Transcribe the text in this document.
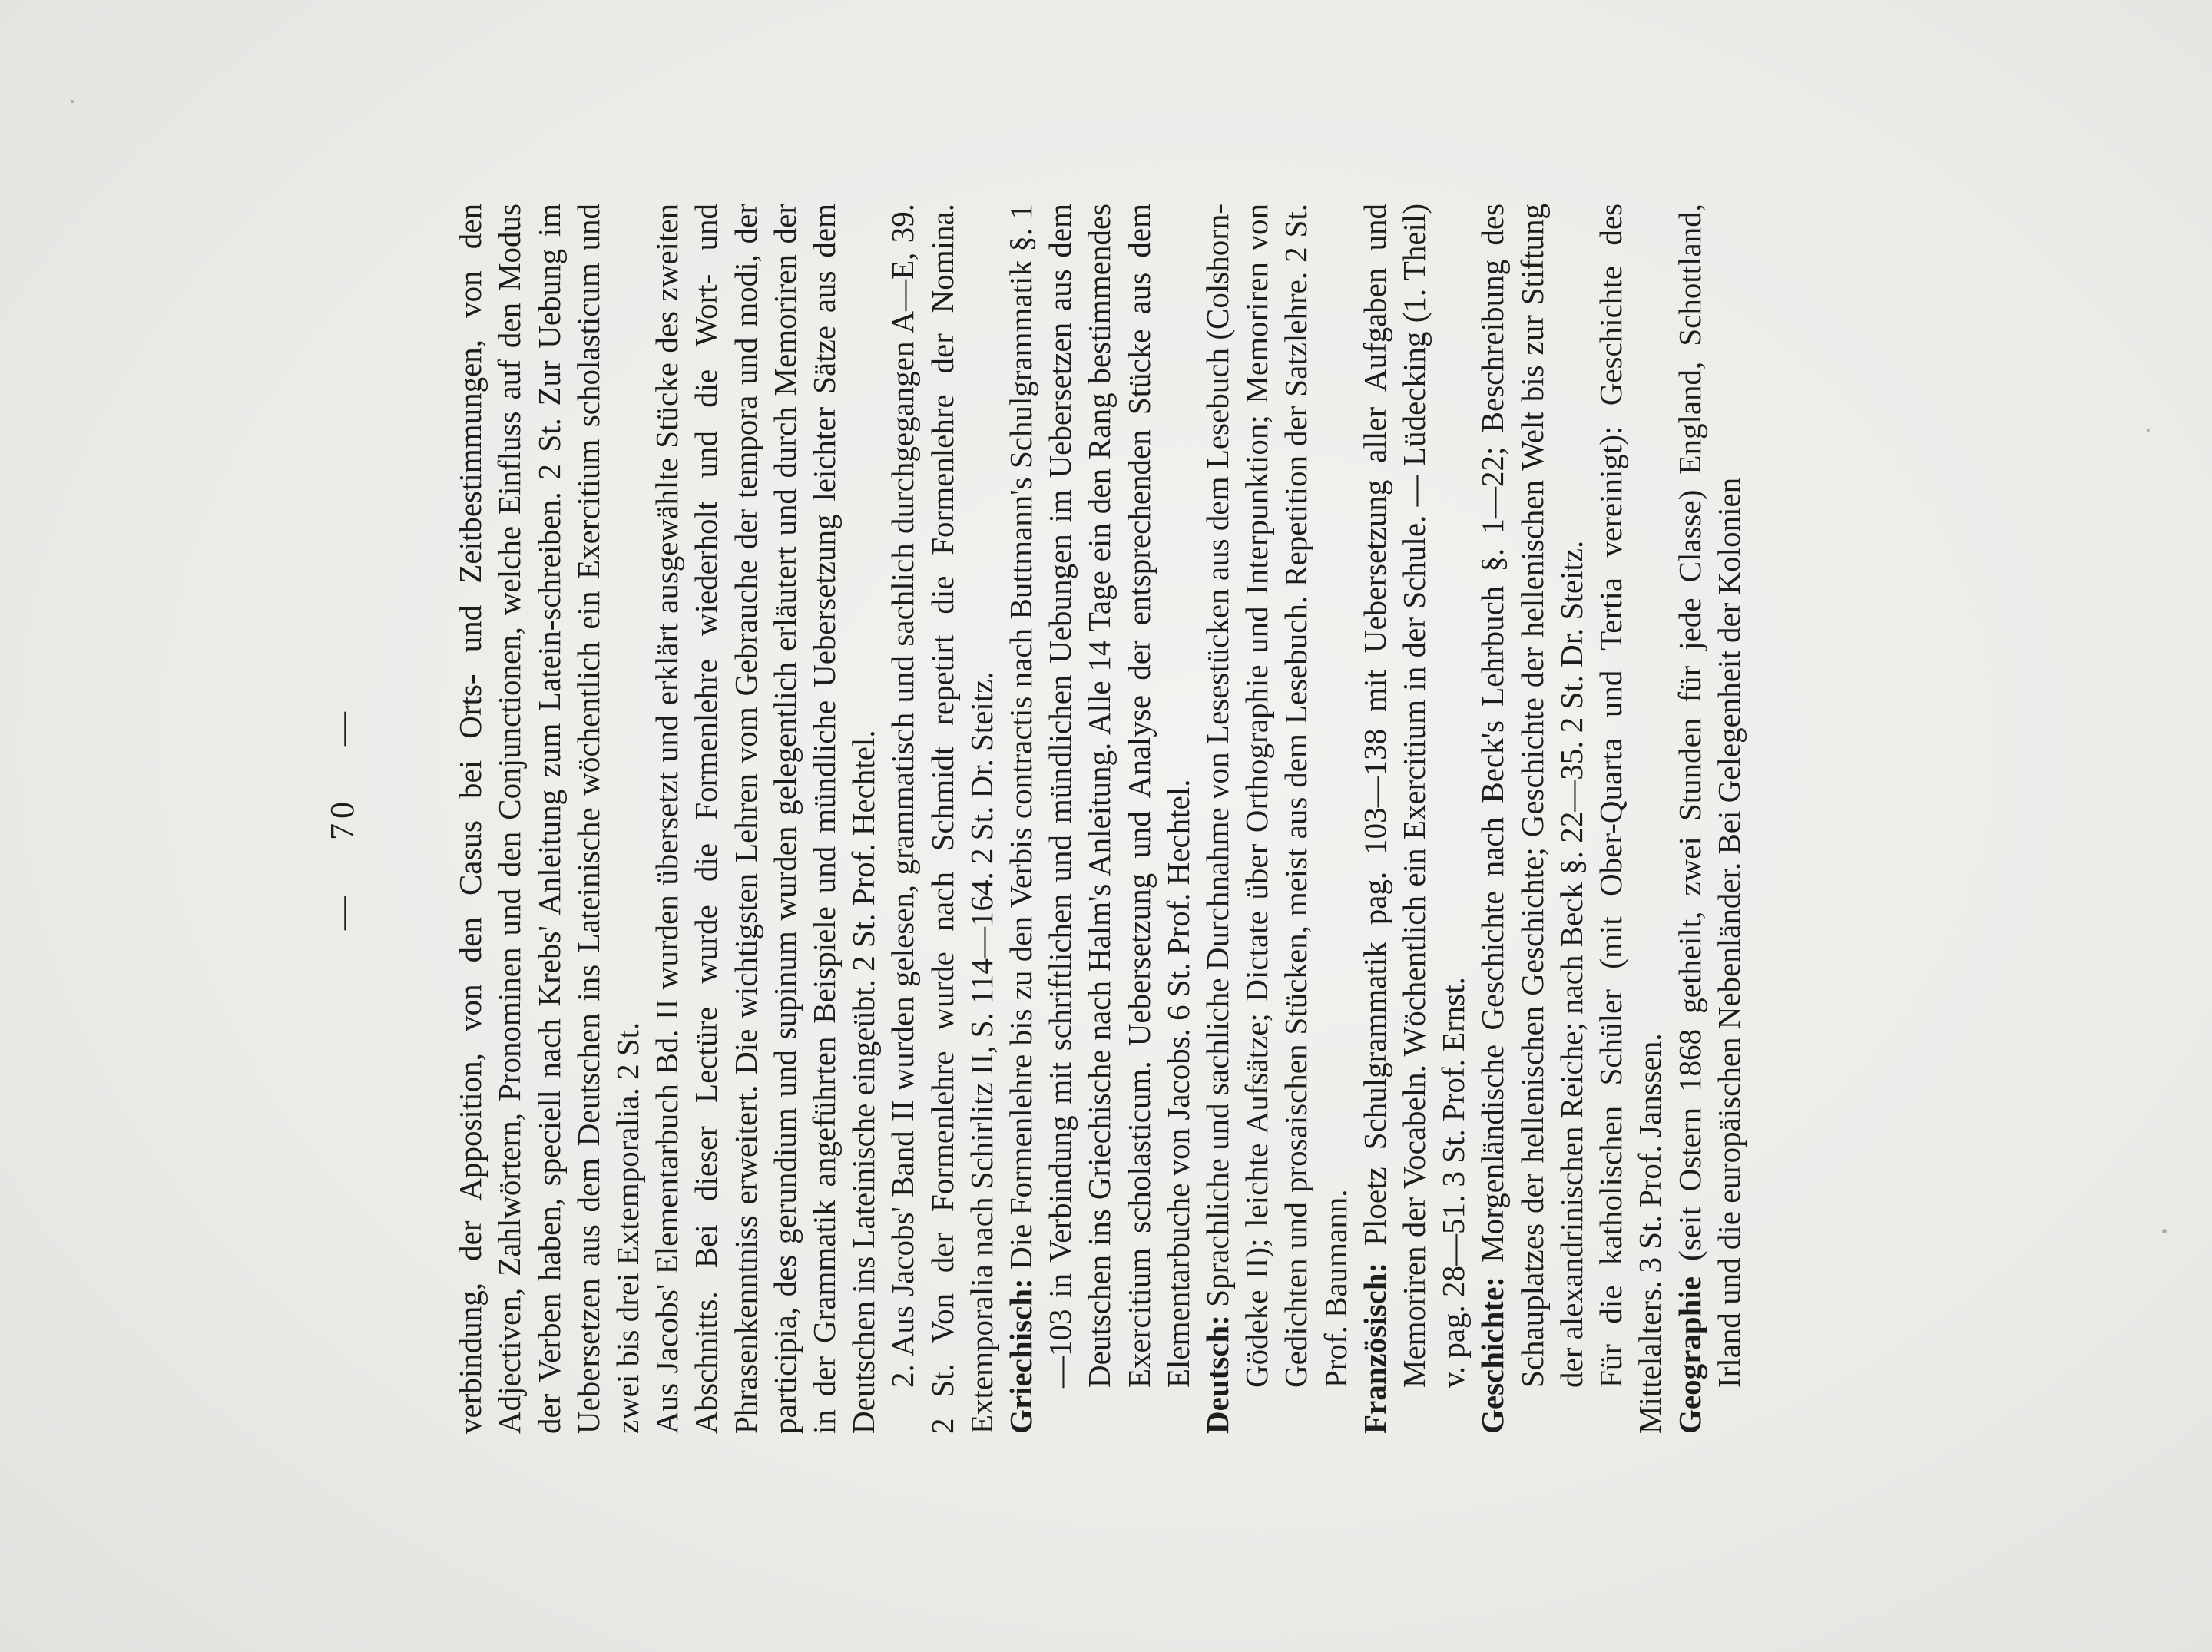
— 70 —	verbindung, der Apposition, von den Casus bei Orts- und Zeitbestimmungen, von den Adjectiven, Zahlwörtern, Pronominen und den Conjunctionen, welche Einfluss auf den Modus der Verben haben, speciell nach Krebs' Anleitung zum Latein-schreiben. 2 St. Zur Uebung im Uebersetzen aus dem Deutschen ins Lateinische wöchentlich ein Exercitium scholasticum und zwei bis drei Extemporalia. 2 St. Aus Jacobs' Elementarbuch Bd. II wurden übersetzt und erklärt ausgewählte Stücke des zweiten Abschnitts. Bei dieser Lectüre wurde die Formenlehre wiederholt und die Wort- und Phrasenkenntniss erweitert. Die wichtigsten Lehren vom Gebrauche der tempora und modi, der participia, des gerundium und supinum wurden gelegentlich erläutert und durch Memoriren der in der Grammatik angeführten Beispiele und mündliche Uebersetzung leichter Sätze aus dem Deutschen ins Lateinische eingeübt. 2 St. Prof. Hechtel. 2. Aus Jacobs' Band II wurden gelesen, grammatisch und sachlich durchgegangen A—E, 39. 2 St. Von der Formenlehre wurde nach Schmidt repetirt die Formenlehre der Nomina. Extemporalia nach Schirlitz II, S. 114—164. 2 St. Dr. Steitz. Griechisch: Die Formenlehre bis zu den Verbis contractis nach Buttmann's Schulgrammatik §. 1—103 in Verbindung mit schriftlichen und mündlichen Uebungen im Uebersetzen aus dem Deutschen ins Griechische nach Halm's Anleitung. Alle 14 Tage ein den Rang bestimmendes Exercitium scholasticum. Uebersetzung und Analyse der entsprechenden Stücke aus dem Elementarbuche von Jacobs. 6 St. Prof. Hechtel. Deutsch: Sprachliche und sachliche Durchnahme von Lesestücken aus dem Lesebuch (Colshorn-Gödeke II); leichte Aufsätze; Dictate über Orthographie und Interpunktion; Memoriren von Gedichten und prosaischen Stücken, meist aus dem Lesebuch. Repetition der Satzlehre. 2 St. Prof. Baumann. Französisch: Ploetz Schulgrammatik pag. 103—138 mit Uebersetzung aller Aufgaben und Memoriren der Vocabeln. Wöchentlich ein Exercitium in der Schule. — Lüdecking (1. Theil) v. pag. 28—51. 3 St. Prof. Ernst. Geschichte: Morgenländische Geschichte nach Beck's Lehrbuch §. 1—22; Beschreibung des Schauplatzes der hellenischen Geschichte; Geschichte der hellenischen Welt bis zur Stiftung der alexandrinischen Reiche; nach Beck §. 22—35. 2 St. Dr. Steitz. Für die katholischen Schüler (mit Ober-Quarta und Tertia vereinigt): Geschichte des Mittelalters. 3 St. Prof. Janssen. Geographie (seit Ostern 1868 getheilt, zwei Stunden für jede Classe) England, Schottland, Irland und die europäischen Nebenländer. Bei Gelegenheit der Kolonien
